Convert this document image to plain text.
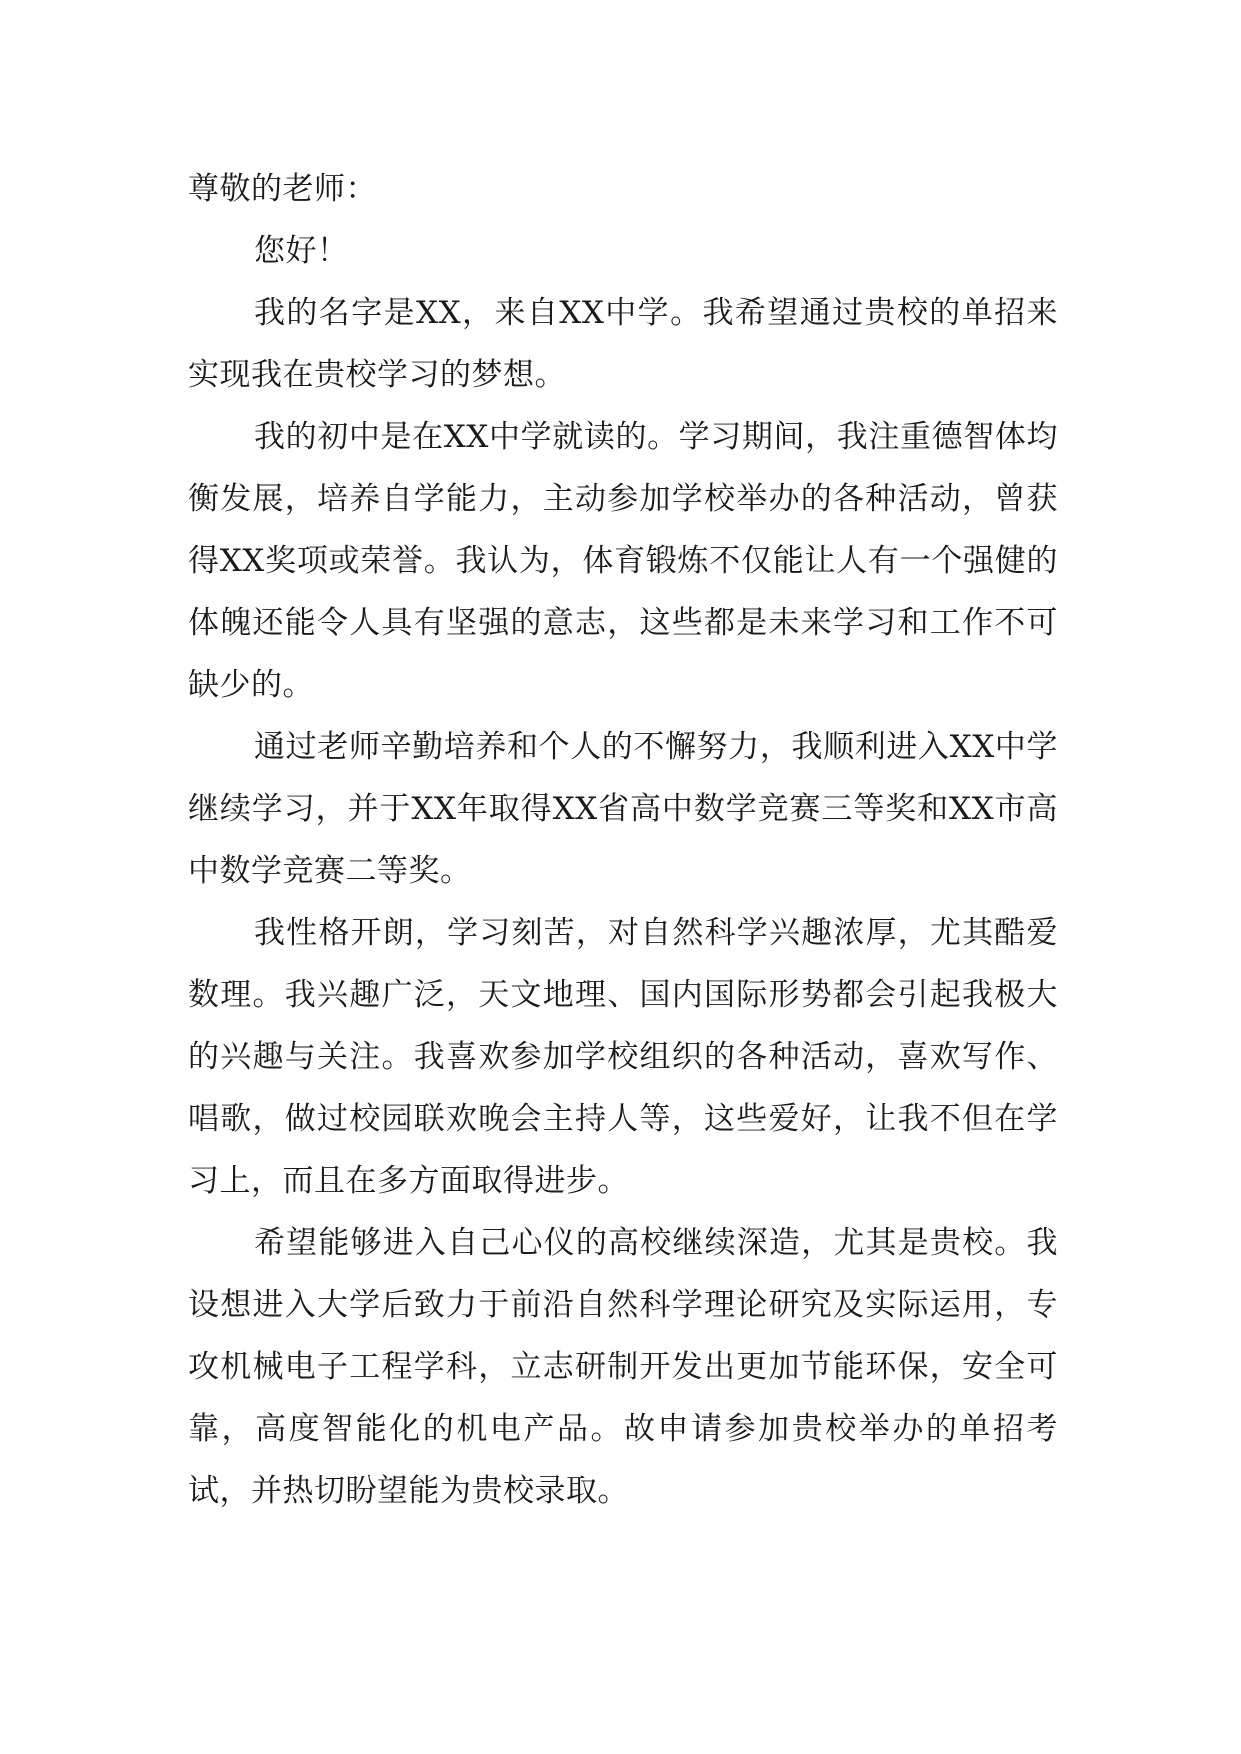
尊敬的老师：

您好！

我的名字是XX，来自XX中学。我希望通过贵校的单招来实现我在贵校学习的梦想。

我的初中是在XX中学就读的。学习期间，我注重德智体均衡发展，培养自学能力，主动参加学校举办的各种活动，曾获得XX奖项或荣誉。我认为，体育锻炼不仅能让人有一个强健的体魄还能令人具有坚强的意志，这些都是未来学习和工作不可缺少的。

通过老师辛勤培养和个人的不懈努力，我顺利进入XX中学继续学习，并于XX年取得XX省高中数学竞赛三等奖和XX市高中数学竞赛二等奖。

我性格开朗，学习刻苦，对自然科学兴趣浓厚，尤其酷爱数理。我兴趣广泛，天文地理、国内国际形势都会引起我极大的兴趣与关注。我喜欢参加学校组织的各种活动，喜欢写作、唱歌，做过校园联欢晚会主持人等，这些爱好，让我不但在学习上，而且在多方面取得进步。

希望能够进入自己心仪的高校继续深造，尤其是贵校。我设想进入大学后致力于前沿自然科学理论研究及实际运用，专攻机械电子工程学科，立志研制开发出更加节能环保，安全可靠，高度智能化的机电产品。故申请参加贵校举办的单招考试，并热切盼望能为贵校录取。
